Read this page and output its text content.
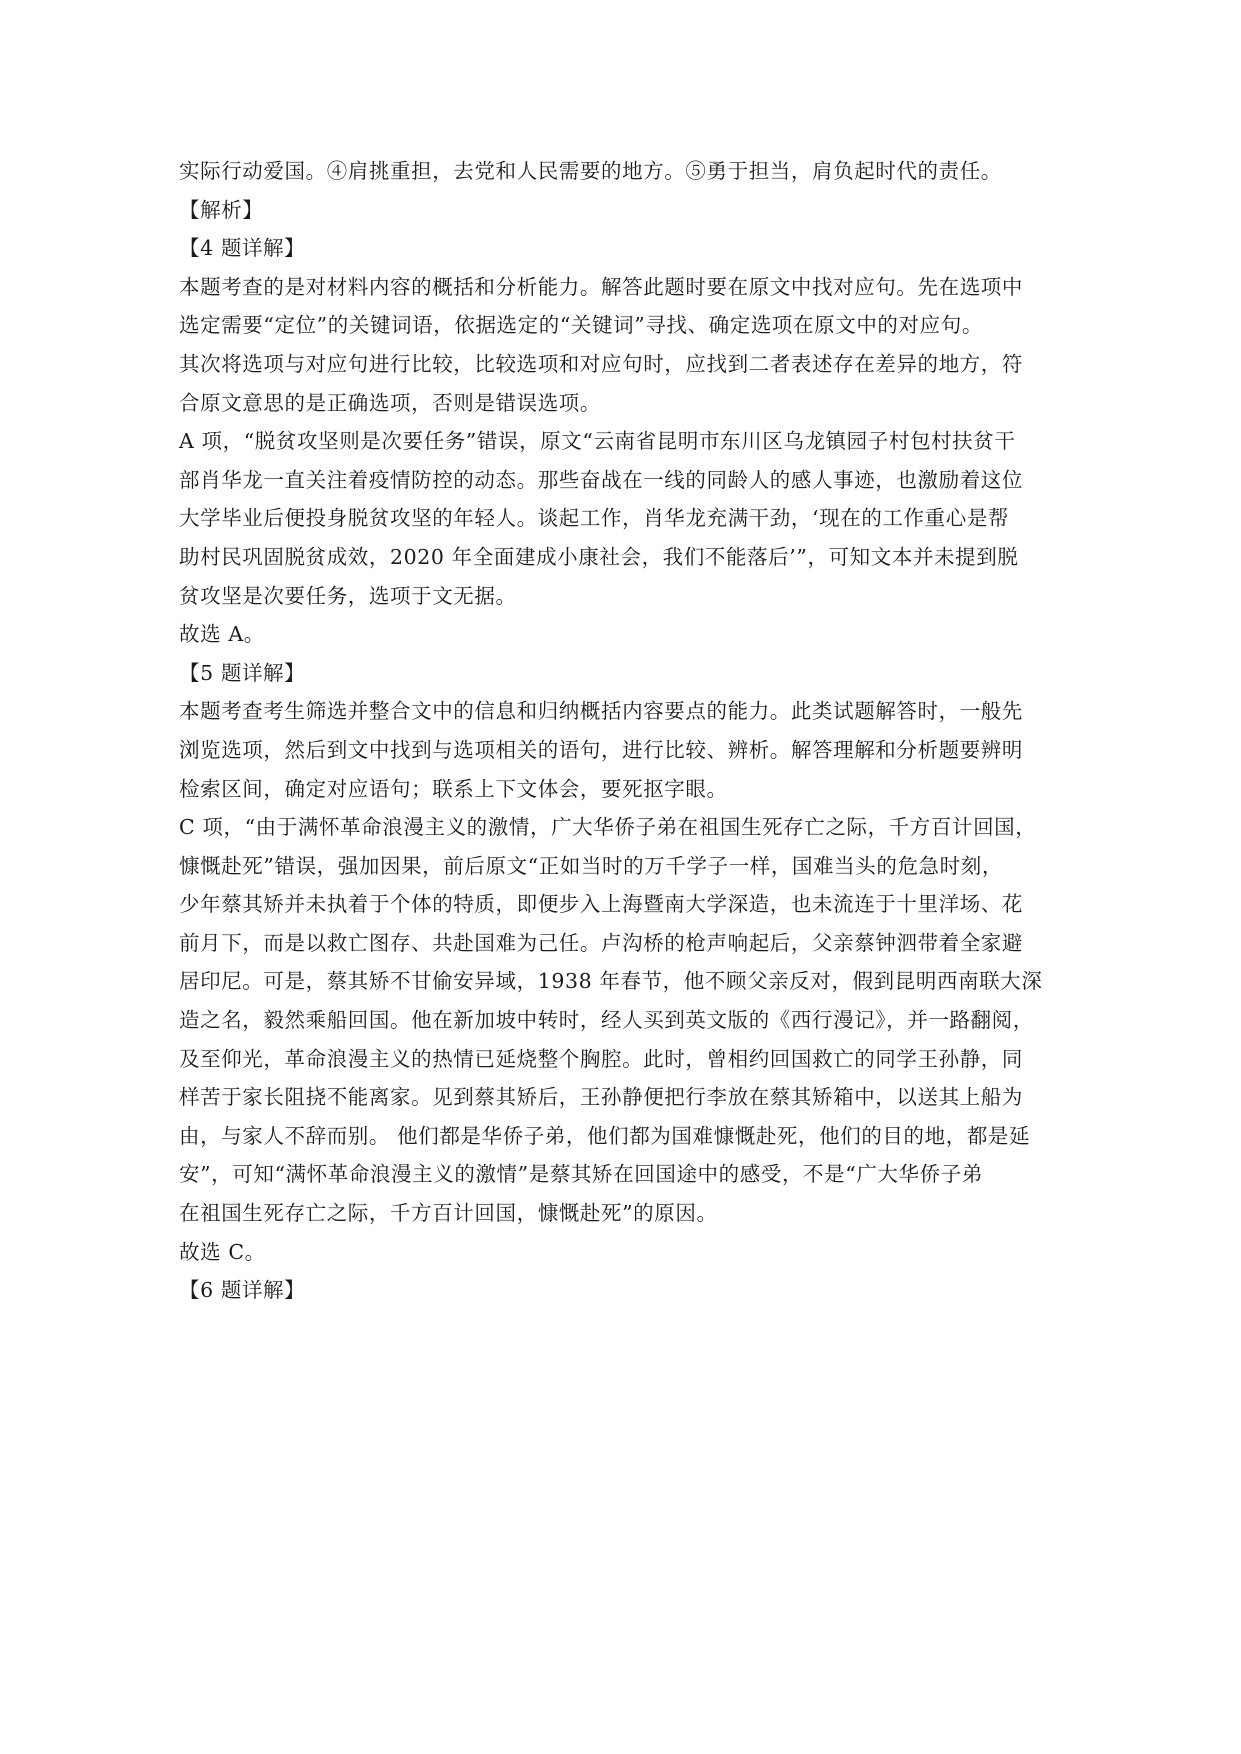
实际行动爱国。④肩挑重担，去党和人民需要的地方。⑤勇于担当，肩负起时代的责任。
【解析】
【4 题详解】
本题考查的是对材料内容的概括和分析能力。解答此题时要在原文中找对应句。先在选项中
选定需要“定位”的关键词语，依据选定的“关键词”寻找、确定选项在原文中的对应句。
其次将选项与对应句进行比较，比较选项和对应句时，应找到二者表述存在差异的地方，符
合原文意思的是正确选项，否则是错误选项。
A 项，“脱贫攻坚则是次要任务”错误，原文“云南省昆明市东川区乌龙镇园子村包村扶贫干
部肖华龙一直关注着疫情防控的动态。那些奋战在一线的同龄人的感人事迹，也激励着这位
大学毕业后便投身脱贫攻坚的年轻人。谈起工作，肖华龙充满干劲，‘现在的工作重心是帮
助村民巩固脱贫成效，2020 年全面建成小康社会，我们不能落后’”，可知文本并未提到脱
贫攻坚是次要任务，选项于文无据。
故选 A。
【5 题详解】
本题考查考生筛选并整合文中的信息和归纳概括内容要点的能力。此类试题解答时，一般先
浏览选项，然后到文中找到与选项相关的语句，进行比较、辨析。解答理解和分析题要辨明
检索区间，确定对应语句；联系上下文体会，要死抠字眼。
C 项，“由于满怀革命浪漫主义的激情，广大华侨子弟在祖国生死存亡之际，千方百计回国，
慷慨赴死”错误，强加因果，前后原文“正如当时的万千学子一样，国难当头的危急时刻，
少年蔡其矫并未执着于个体的特质，即便步入上海暨南大学深造，也未流连于十里洋场、花
前月下，而是以救亡图存、共赴国难为己任。卢沟桥的枪声响起后，父亲蔡钟泗带着全家避
居印尼。可是，蔡其矫不甘偷安异域，1938 年春节，他不顾父亲反对，假到昆明西南联大深
造之名，毅然乘船回国。他在新加坡中转时，经人买到英文版的《西行漫记》，并一路翻阅，
及至仰光，革命浪漫主义的热情已延烧整个胸腔。此时，曾相约回国救亡的同学王孙静，同
样苦于家长阻挠不能离家。见到蔡其矫后，王孙静便把行李放在蔡其矫箱中，以送其上船为
由，与家人不辞而别。 他们都是华侨子弟，他们都为国难慷慨赴死，他们的目的地，都是延
安”，可知“满怀革命浪漫主义的激情”是蔡其矫在回国途中的感受，不是“广大华侨子弟
在祖国生死存亡之际，千方百计回国，慷慨赴死”的原因。
故选 C。
【6 题详解】
